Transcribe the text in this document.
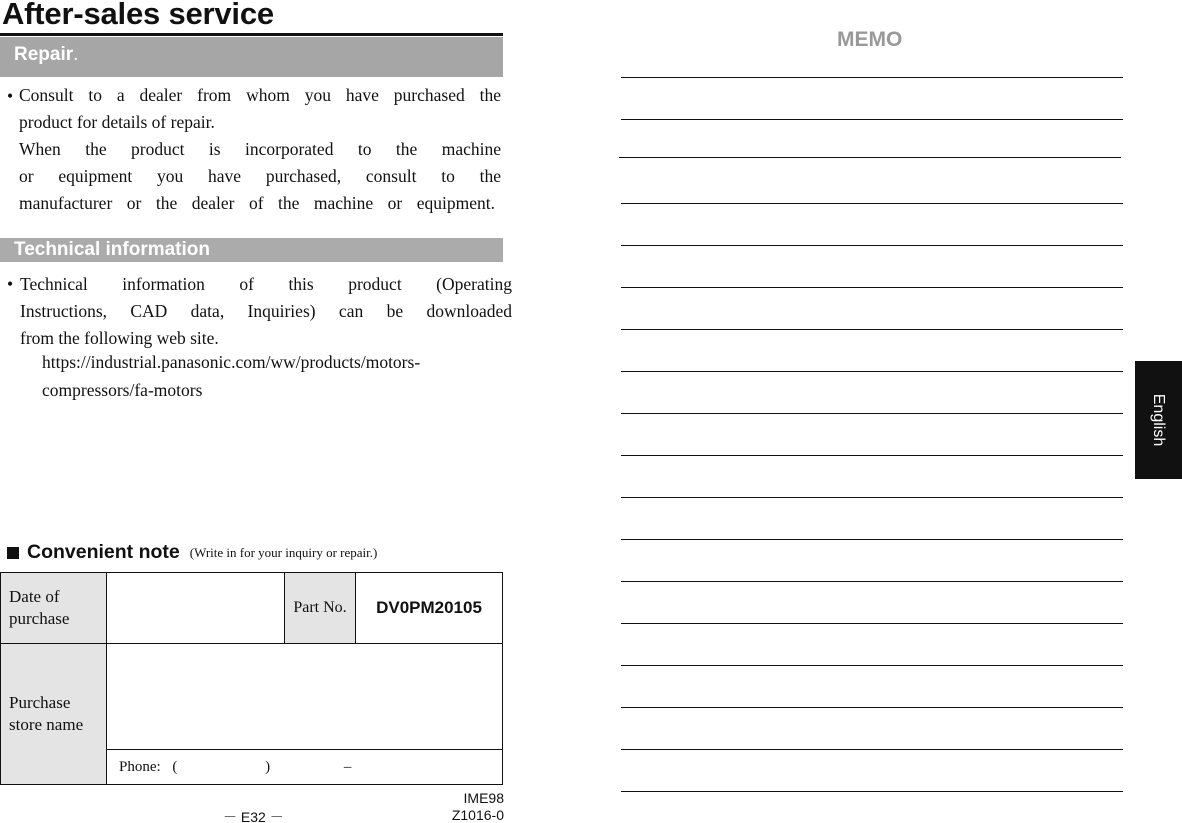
After-sales service
Repair.
• Consult to a dealer from whom you have purchased the
product for details of repair.
When the product is incorporated to the machine
or equipment you have purchased, consult to the
manufacturer or the dealer of the machine or equipment.
Technical information
• Technical information of this product (Operating
Instructions, CAD data, Inquiries) can be downloaded
from the following web site.
https://industrial.panasonic.com/ww/products/motors-
compressors/fa-motors
Convenient note (Write in for your inquiry or repair.)
Date of purchase		Part No.	DV0PM20105
Purchase store name			
	Phone: ( ) –		
－ E32 －
IME98
Z1016-0
MEMO
English
